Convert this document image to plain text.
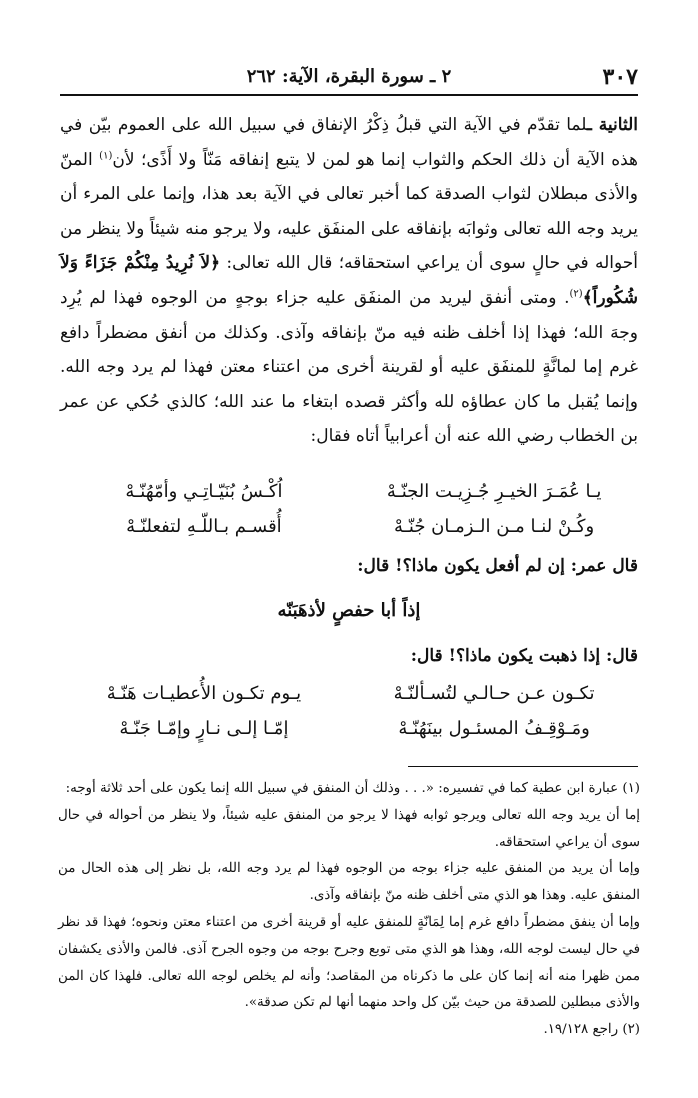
٣٠٧
٢ ـ سورة البقرة، الآية: ٢٦٢

الثانية ـلما تقدّم في الآية التي قبلُ ذِكْرُ الإنفاق في سبيل الله على العموم بيّن في هذه الآية أن ذلك الحكم والثواب إنما هو لمن لا يتبع إنفاقه مَنّاً ولا أَذًى؛ لأن$^{(١)}$ المنّ والأذى مبطلان لثواب الصدقة كما أخبر تعالى في الآية بعد هذا، وإنما على المرء أن يريد وجه الله تعالى وثوابَه بإنفاقه على المنفَق عليه، ولا يرجو منه شيئاً ولا ينظر من أحواله في حالٍ سوى أن يراعي استحقاقه؛ قال الله تعالى: ﴿لاَ نُرِيدُ مِنْكُمْ جَزَاءً وَلاَ شُكُوراً﴾$^{(٢)}$. ومتى أنفق ليريد من المنفَق عليه جزاء بوجهٍ من الوجوه فهذا لم يُرِد وجهَ الله؛ فهذا إذا أخلف ظنه فيه منّ بإنفاقه وآذى. وكذلك من أنفق مضطراً دافع غرم إما لمانَّةٍ للمنفَق عليه أو لقرينة أخرى من اعتناء معتن فهذا لم يرد وجه الله. وإنما يُقبل ما كان عطاؤه لله وأكثر قصده ابتغاء ما عند الله؛ كالذي حُكي عن عمر بن الخطاب رضي الله عنه أن أعرابياً أتاه فقال:

يـا عُمَـرَ الخيـرِ جُـزِيـت الجنّـهْ
اُكْـسُ بُنَيّـاتِـي وأمّهُنّـهْ
وكُـنْ لنـا مـن الـزمـان جُنّـهْ
أُقسـم بـاللّـهِ لتفعلنّـهْ
قال عمر: إن لم أفعل يكون ماذا؟! قال:
إذاً أبا حفصٍ لأذهَبَنّه
قال: إذا ذهبت يكون ماذا؟! قال:
تكـون عـن حـالـي لتُسـألنّـهْ
يـوم تكـون الأُعطيـات هَنّـهْ
ومَـوْقِـفُ المسئـول بينَهُنّـهْ
إمّـا إلـى نـارٍ وإمّـا جَنّـهْ

(١) عبارة ابن عطية كما في تفسيره: «. . . وذلك أن المنفق في سبيل الله إنما يكون على أحد ثلاثة أوجه:

إما أن يريد وجه الله تعالى ويرجو ثوابه فهذا لا يرجو من المنفق عليه شيئاً، ولا ينظر من أحواله في حال سوى أن يراعي استحقاقه.

وإما أن يريد من المنفق عليه جزاء بوجه من الوجوه فهذا لم يرد وجه الله، بل نظر إلى هذه الحال من المنفق عليه. وهذا هو الذي متى أخلف ظنه منّ بإنفاقه وآذى.

وإما أن ينفق مضطراً دافع غرم إما لِمَانّةٍ للمنفق عليه أو قرينة أخرى من اعتناء معتن ونحوه؛ فهذا قد نظر في حال ليست لوجه الله، وهذا هو الذي متى توبع وجرح بوجه من وجوه الجرح آذى. فالمن والأذى يكشفان ممن ظهرا منه أنه إنما كان على ما ذكرناه من المقاصد؛ وأنه لم يخلص لوجه الله تعالى. فلهذا كان المن والأذى مبطلين للصدقة من حيث بيّن كل واحد منهما أنها لم تكن صدقة».

(٢) راجع ١٩/١٢٨.
